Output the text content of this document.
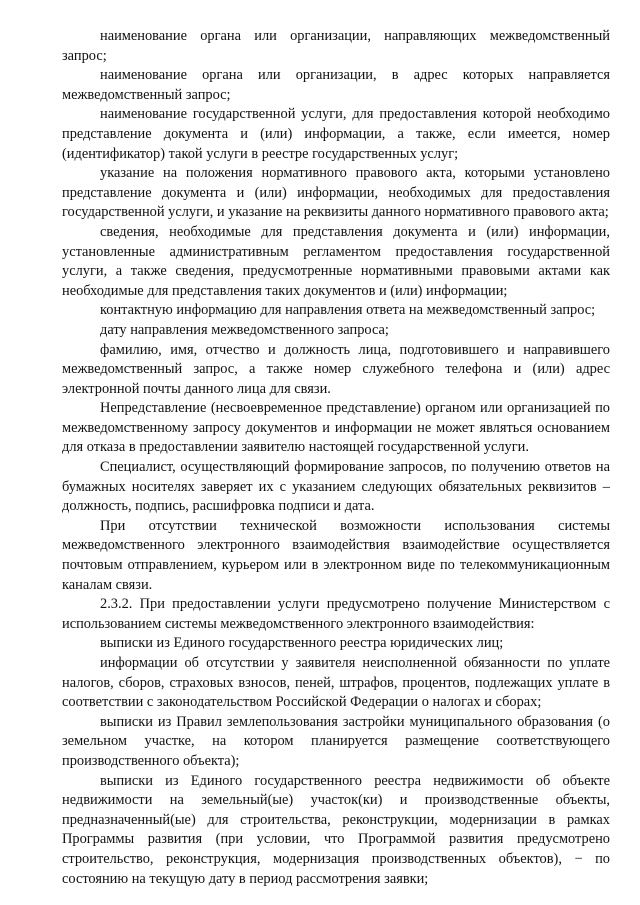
наименование органа или организации, направляющих межведомственный запрос;

наименование органа или организации, в адрес которых направляется межведомственный запрос;

наименование государственной услуги, для предоставления которой необходимо представление документа и (или) информации, а также, если имеется, номер (идентификатор) такой услуги в реестре государственных услуг;

указание на положения нормативного правового акта, которыми установлено представление документа и (или) информации, необходимых для предоставления государственной услуги, и указание на реквизиты данного нормативного правового акта;

сведения, необходимые для представления документа и (или) информации, установленные административным регламентом предоставления государственной услуги, а также сведения, предусмотренные нормативными правовыми актами как необходимые для представления таких документов и (или) информации;

контактную информацию для направления ответа на межведомственный запрос;

дату направления межведомственного запроса;

фамилию, имя, отчество и должность лица, подготовившего и направившего межведомственный запрос, а также номер служебного телефона и (или) адрес электронной почты данного лица для связи.

Непредставление (несвоевременное представление) органом или организацией по межведомственному запросу документов и информации не может являться основанием для отказа в предоставлении заявителю настоящей государственной услуги.

Специалист, осуществляющий формирование запросов, по получению ответов на бумажных носителях заверяет их с указанием следующих обязательных реквизитов – должность, подпись, расшифровка подписи и дата.

При отсутствии технической возможности использования системы межведомственного электронного взаимодействия взаимодействие осуществляется почтовым отправлением, курьером или в электронном виде по телекоммуникационным каналам связи.

2.3.2. При предоставлении услуги предусмотрено получение Министерством с использованием системы межведомственного электронного взаимодействия:

выписки из Единого государственного реестра юридических лиц;

информации об отсутствии у заявителя неисполненной обязанности по уплате налогов, сборов, страховых взносов, пеней, штрафов, процентов, подлежащих уплате в соответствии с законодательством Российской Федерации о налогах и сборах;

выписки из Правил землепользования застройки муниципального образования (о земельном участке, на котором планируется размещение соответствующего производственного объекта);

выписки из Единого государственного реестра недвижимости об объекте недвижимости на земельный(ые) участок(ки) и производственные объекты, предназначенный(ые) для строительства, реконструкции, модернизации в рамках Программы развития (при условии, что Программой развития предусмотрено строительство, реконструкция, модернизация производственных объектов), − по состоянию на текущую дату в период рассмотрения заявки;
